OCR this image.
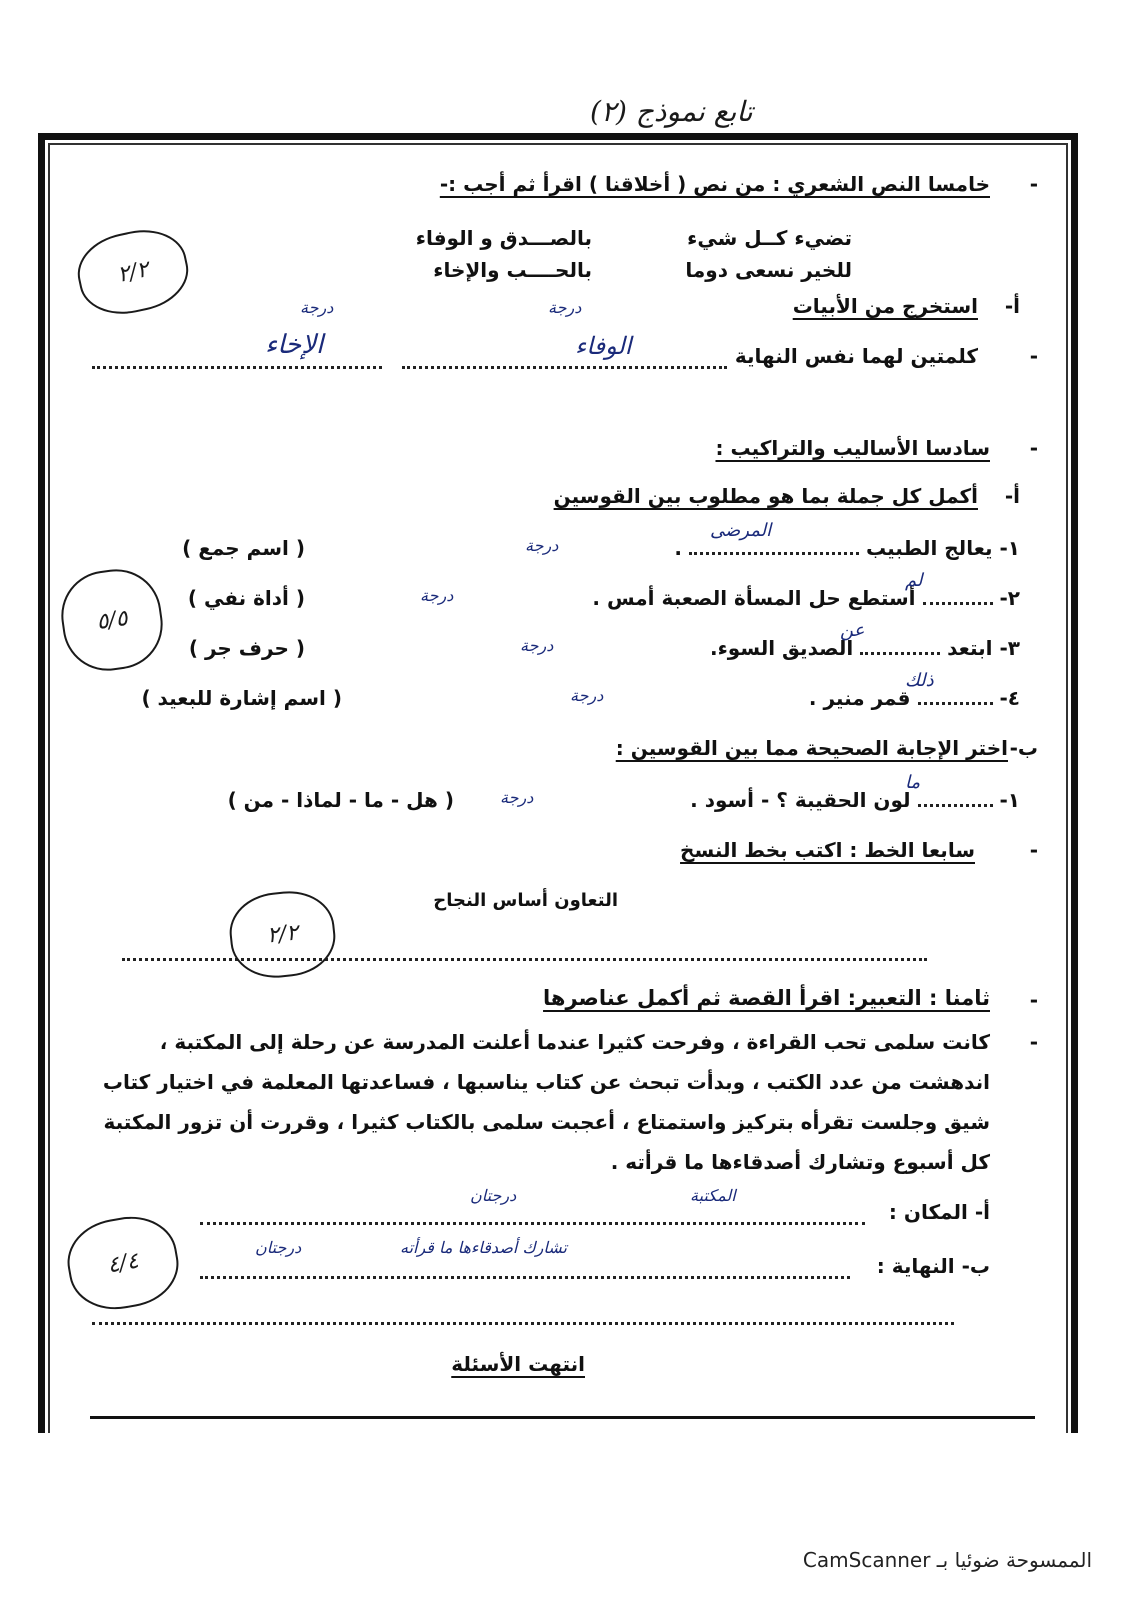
تابع نموذج (٢)
-
خامسا النص الشعري : من نص ( أخلاقنا ) اقرأ ثم أجب :-
تضيء كــل شيء
بالصـــدق و الوفاء
للخير نسعى دوما
بالحــــب والإخاء
أ-
استخرج من الأبيات
درجة
درجة
-
كلمتين لهما نفس النهاية
الوفاء
الإخاء
٢/٢
-
سادسا الأساليب والتراكيب :
أ-
أكمل كل جملة بما هو مطلوب بين القوسين
١- يعالج الطبيب  .
المرضى
درجة
( اسم جمع )
٢-  أستطع حل المسأة الصعبة أمس .
لم
درجة
( أداة نفي )
٣- ابتعد  الصديق السوء.
عن
درجة
( حرف جر )
٤-  قمر منير .
ذلك
درجة
( اسم إشارة للبعيد )
٥/٥
ب-
اختر الإجابة الصحيحة مما بين القوسين :
١-  لون الحقيبة ؟ - أسود .
ما
درجة
( هل - ما - لماذا - من )
-
سابعا الخط : اكتب بخط النسخ
التعاون أساس النجاح
٢/٢
-
ثامنا : التعبير: اقرأ القصة ثم أكمل عناصرها
-
كانت سلمى تحب القراءة ، وفرحت كثيرا عندما أعلنت المدرسة عن رحلة إلى المكتبة ،
اندهشت من عدد الكتب ، وبدأت تبحث عن كتاب يناسبها ، فساعدتها المعلمة في اختيار كتاب
شيق وجلست تقرأه بتركيز واستمتاع ، أعجبت سلمى بالكتاب كثيرا ، وقررت أن تزور المكتبة
كل أسبوع وتشارك أصدقاءها ما قرأته .
المكتبة
درجتان
أ- المكان :
تشارك أصدقاءها ما قرأته
درجتان
ب- النهاية :
٤/٤
انتهت الأسئلة
الممسوحة ضوئيا بـ CamScanner
